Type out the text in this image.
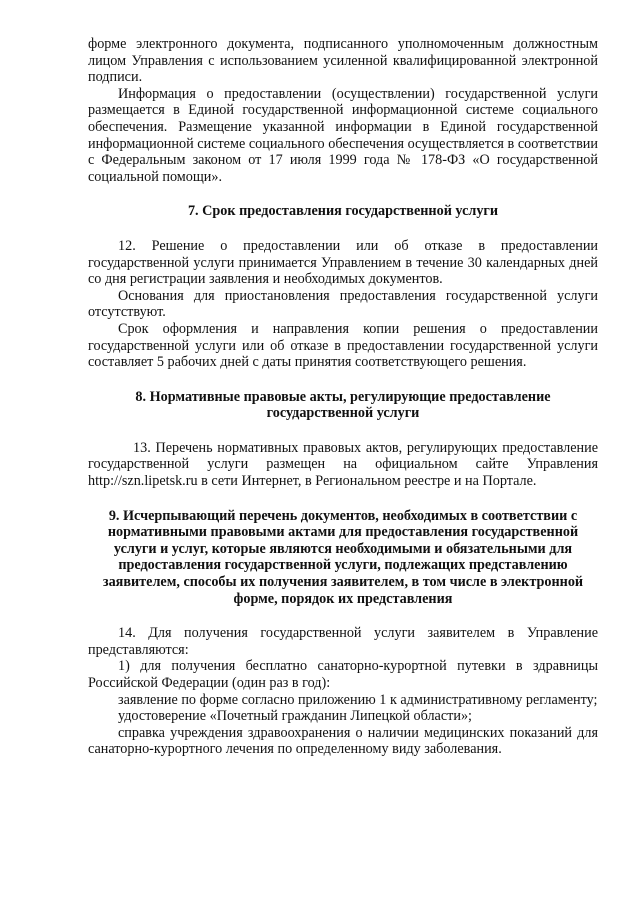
форме электронного документа, подписанного уполномоченным должностным лицом Управления с использованием усиленной квалифицированной электронной подписи.

Информация о предоставлении (осуществлении) государственной услуги размещается в Единой государственной информационной системе социального обеспечения. Размещение указанной информации в Единой государственной информационной системе социального обеспечения осуществляется в соответствии с Федеральным законом от 17 июля 1999 года № 178-ФЗ «О государственной социальной помощи».

7. Срок предоставления государственной услуги

12. Решение о предоставлении или об отказе в предоставлении государственной услуги принимается Управлением в течение 30 календарных дней со дня регистрации заявления и необходимых документов.

Основания для приостановления предоставления государственной услуги отсутствуют.

Срок оформления и направления копии решения о предоставлении государственной услуги или об отказе в предоставлении государственной услуги составляет 5 рабочих дней с даты принятия соответствующего решения.

8. Нормативные правовые акты, регулирующие предоставление
государственной услуги

13. Перечень нормативных правовых актов, регулирующих предоставление государственной услуги размещен на официальном сайте Управления http://szn.lipetsk.ru в сети Интернет, в Региональном реестре и на Портале.

9. Исчерпывающий перечень документов, необходимых в соответствии с нормативными правовыми актами для предоставления государственной услуги и услуг, которые являются необходимыми и обязательными для предоставления государственной услуги, подлежащих представлению заявителем, способы их получения заявителем, в том числе в электронной форме, порядок их представления

14. Для получения государственной услуги заявителем в Управление представляются:

1) для получения бесплатно санаторно-курортной путевки в здравницы Российской Федерации (один раз в год):

заявление по форме согласно приложению 1 к административному регламенту;

удостоверение «Почетный гражданин Липецкой области»;

справка учреждения здравоохранения о наличии медицинских показаний для санаторно-курортного лечения по определенному виду заболевания.
